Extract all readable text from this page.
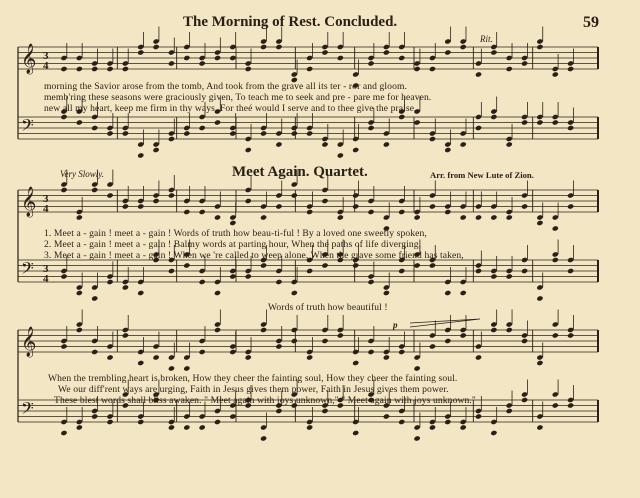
𝄞
𝄢
𝄞
𝄢
𝄞
𝄢
3
4
3
4
3
4
The Morning of Rest. Concluded.	59
Rit.
morning the Savior arose from the tomb, And took from the grave all its ter - ror and gloom.
memb'ring these seasons were graciously given, To teach me to seek and pre - pare me for heaven.
new all my heart, keep me firm in thy ways, For theé would I serve and to thee give the praise.
Very Slowly.	Meet Again. Quartet.	Arr. from New Lute of Zion.
1. Meet a - gain ! meet a - gain ! Words of truth how beau-ti-ful ! By a loved one sweetly spoken,
2. Meet a - gain ! meet a - gain ! Balmy words at parting hour, When the paths of life diverging,
3. Meet a - gain ! meet a - gain ! When we 're called to weep alone, When the grave some friend has taken,
Words of truth how beautiful !
p
When the trembling heart is broken, How they cheer the fainting soul, How they cheer the fainting soul.
We our diff'rent ways are urging, Faith in Jesus gives them power, Faith in Jesus gives them power.
These blest words shall bliss awaken. " Meet again with joys unknown," " Meet again with joys unknown."
